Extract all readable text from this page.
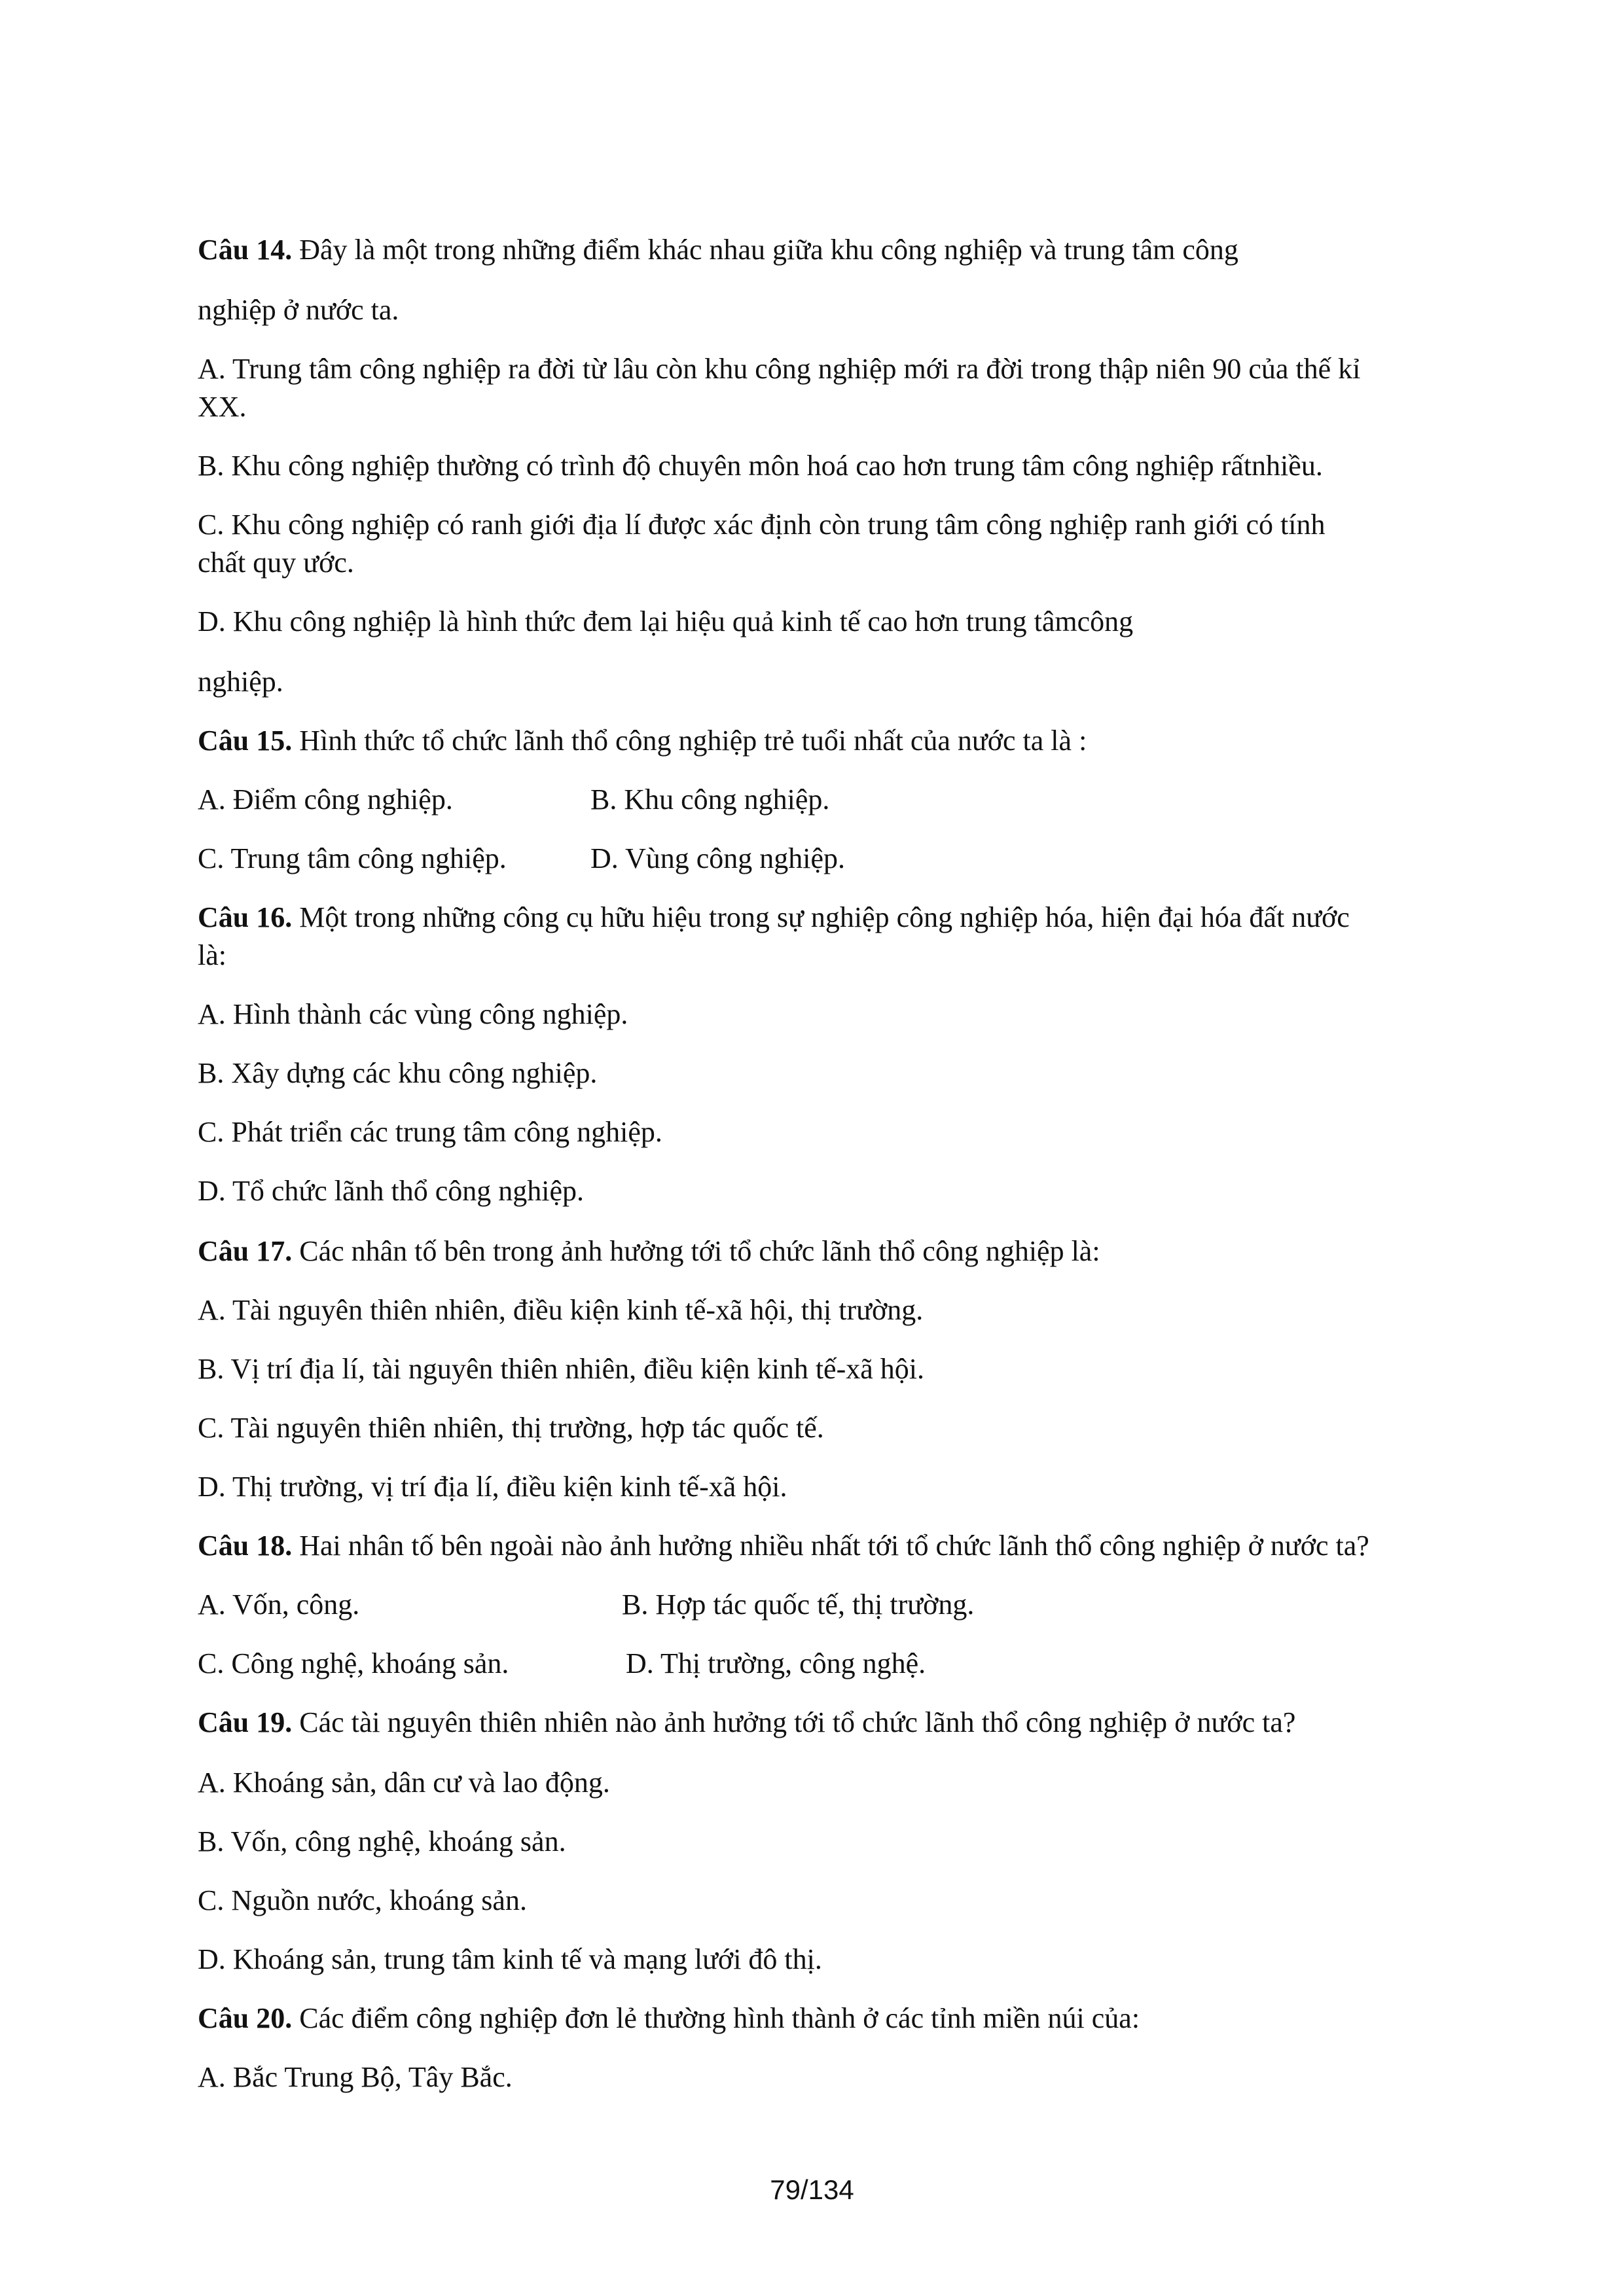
Câu 14. Đây là một trong những điểm khác nhau giữa khu công nghiệp và trung tâm công
nghiệp ở nước ta.
A. Trung tâm công nghiệp ra đời từ lâu còn khu công nghiệp mới ra đời trong thập niên 90 của thế kỉ
XX.
B. Khu công nghiệp thường có trình độ chuyên môn hoá cao hơn trung tâm công nghiệp rấtnhiều.
C. Khu công nghiệp có ranh giới địa lí được xác định còn trung tâm công nghiệp ranh giới có tính
chất quy ước.
D. Khu công nghiệp là hình thức đem lại hiệu quả kinh tế cao hơn trung tâmcông
nghiệp.
Câu 15. Hình thức tổ chức lãnh thổ công nghiệp trẻ tuổi nhất của nước ta là :
A. Điểm công nghiệp.	B. Khu công nghiệp.
C. Trung tâm công nghiệp.	D. Vùng công nghiệp.
Câu 16. Một trong những công cụ hữu hiệu trong sự nghiệp công nghiệp hóa, hiện đại hóa đất nước
là:
A. Hình thành các vùng công nghiệp.
B. Xây dựng các khu công nghiệp.
C. Phát triển các trung tâm công nghiệp.
D. Tổ chức lãnh thổ công nghiệp.
Câu 17. Các nhân tố bên trong ảnh hưởng tới tổ chức lãnh thổ công nghiệp là:
A. Tài nguyên thiên nhiên, điều kiện kinh tế-xã hội, thị trường.
B. Vị trí địa lí, tài nguyên thiên nhiên, điều kiện kinh tế-xã hội.
C. Tài nguyên thiên nhiên, thị trường, hợp tác quốc tế.
D. Thị trường, vị trí địa lí, điều kiện kinh tế-xã hội.
Câu 18. Hai nhân tố bên ngoài nào ảnh hưởng nhiều nhất tới tổ chức lãnh thổ công nghiệp ở nước ta?
A. Vốn, công.	B. Hợp tác quốc tế, thị trường.
C. Công nghệ, khoáng sản.	D. Thị trường, công nghệ.
Câu 19. Các tài nguyên thiên nhiên nào ảnh hưởng tới tổ chức lãnh thổ công nghiệp ở nước ta?
A. Khoáng sản, dân cư và lao động.
B. Vốn, công nghệ, khoáng sản.
C. Nguồn nước, khoáng sản.
D. Khoáng sản, trung tâm kinh tế và mạng lưới đô thị.
Câu 20. Các điểm công nghiệp đơn lẻ thường hình thành ở các tỉnh miền núi của:
A. Bắc Trung Bộ, Tây Bắc.
79/134
